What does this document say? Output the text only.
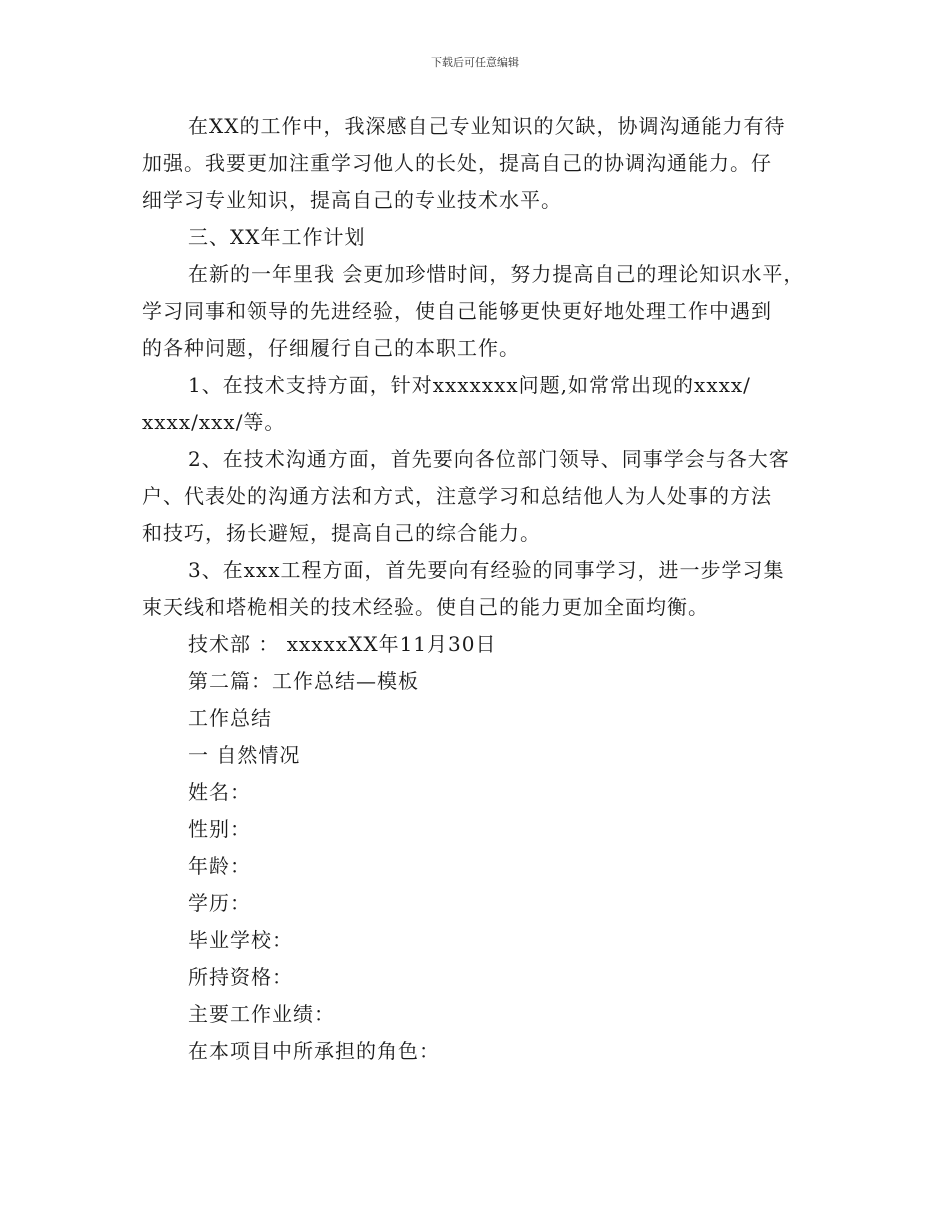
下载后可任意编辑
在XX的工作中，我深感自己专业知识的欠缺，协调沟通能力有待
加强。我要更加注重学习他人的长处，提高自己的协调沟通能力。仔
细学习专业知识，提高自己的专业技术水平。
三、XX年工作计划
在新的一年里我 会更加珍惜时间，努力提高自己的理论知识水平，
学习同事和领导的先进经验，使自己能够更快更好地处理工作中遇到
的各种问题，仔细履行自己的本职工作。
1、在技术支持方面，针对xxxxxxx问题,如常常出现的xxxx/
xxxx/xxx/等。
2、在技术沟通方面，首先要向各位部门领导、同事学会与各大客
户、代表处的沟通方法和方式，注意学习和总结他人为人处事的方法
和技巧，扬长避短，提高自己的综合能力。
3、在xxx工程方面，首先要向有经验的同事学习，进一步学习集
束天线和塔桅相关的技术经验。使自己的能力更加全面均衡。
技术部 ： xxxxxXX年11月30日
第二篇：工作总结—模板
工作总结
一 自然情况
姓名：
性别：
年龄：
学历：
毕业学校：
所持资格：
主要工作业绩：
在本项目中所承担的角色：
